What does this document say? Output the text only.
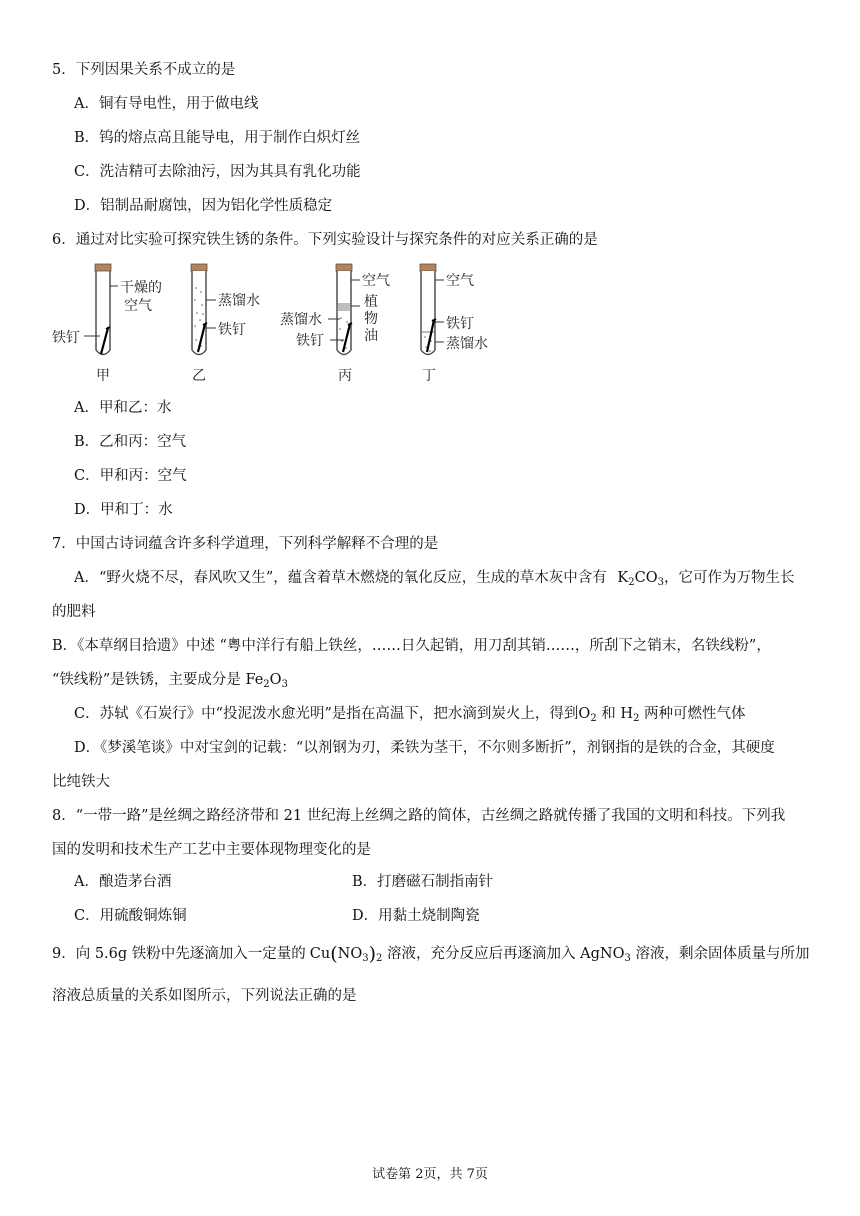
5．下列因果关系不成立的是
A．铜有导电性，用于做电线
B．钨的熔点高且能导电，用于制作白炽灯丝
C．洗洁精可去除油污，因为其具有乳化功能
D．铝制品耐腐蚀，因为铝化学性质稳定
6．通过对比实验可探究铁生锈的条件。下列实验设计与探究条件的对应关系正确的是
干燥的
空气
铁钉
甲
蒸馏水
铁钉
乙
空气
植
物
油
蒸馏水
铁钉
丙
空气
铁钉
蒸馏水
丁
A．甲和乙：水
B．乙和丙：空气
C．甲和丙：空气
D．甲和丁：水
7．中国古诗词蕴含许多科学道理，下列科学解释不合理的是
A．“野火烧不尽，春风吹又生”，蕴含着草木燃烧的氧化反应，生成的草木灰中含有 $K_2CO_3$，它可作为万物生长
的肥料
B．《本草纲目拾遗》中述 “粤中洋行有船上铁丝，……日久起销，用刀刮其销……，所刮下之销末，名铁线粉”，
“铁线粉”是铁锈，主要成分是 $Fe_2O_3$
C．苏轼《石炭行》中“投泥泼水愈光明”是指在高温下，把水滴到炭火上，得到$O_2$ 和 $H_2$ 两种可燃性气体
D．《梦溪笔谈》中对宝剑的记载：“以剂钢为刃，柔铁为茎干，不尔则多断折”，剂钢指的是铁的合金，其硬度
比纯铁大
8．“一带一路”是丝绸之路经济带和 21 世纪海上丝绸之路的简体，古丝绸之路就传播了我国的文明和科技。下列我
国的发明和技术生产工艺中主要体现物理变化的是
A．酿造茅台酒	B．打磨磁石制指南针
C．用硫酸铜炼铜	D．用黏土烧制陶瓷
9．向 5.6g 铁粉中先逐滴加入一定量的 $Cu(NO_3)_2$ 溶液，充分反应后再逐滴加入 AgNO$_3$ 溶液，剩余固体质量与所加
溶液总质量的关系如图所示，下列说法正确的是
试卷第 2页，共 7页
